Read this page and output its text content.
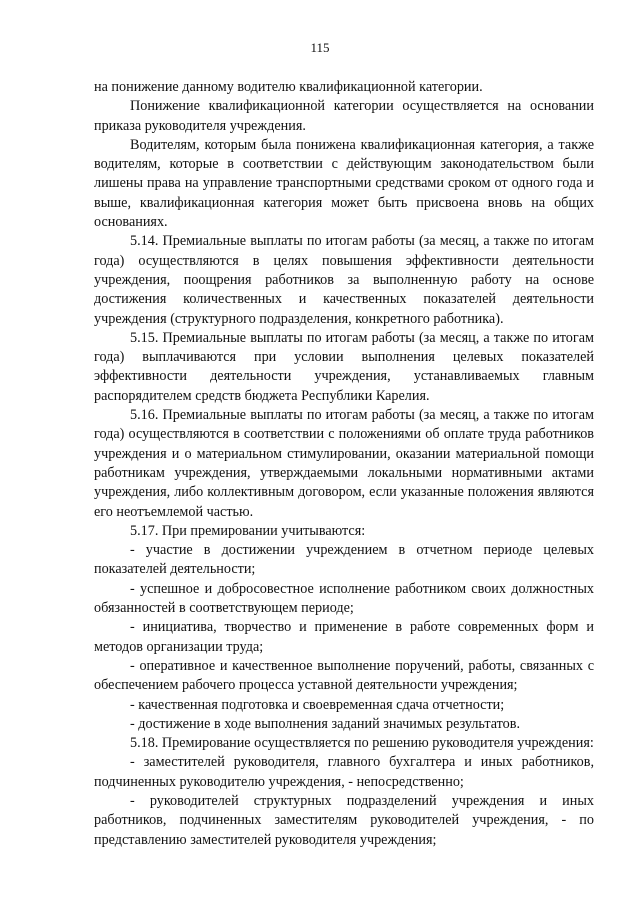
115

на понижение данному водителю квалификационной категории.

Понижение квалификационной категории осуществляется на основании приказа руководителя учреждения.

Водителям, которым была понижена квалификационная категория, а также водителям, которые в соответствии с действующим законодательством были лишены права на управление транспортными средствами сроком от одного года и выше, квалификационная категория может быть присвоена вновь на общих основаниях.

5.14. Премиальные выплаты по итогам работы (за месяц, а также по итогам года) осуществляются в целях повышения эффективности деятельности учреждения, поощрения работников за выполненную работу на основе достижения количественных и качественных показателей деятельности учреждения (структурного подразделения, конкретного работника).

5.15. Премиальные выплаты по итогам работы (за месяц, а также по итогам года) выплачиваются при условии выполнения целевых показателей эффективности деятельности учреждения, устанавливаемых главным распорядителем средств бюджета Республики Карелия.

5.16. Премиальные выплаты по итогам работы (за месяц, а также по итогам года) осуществляются в соответствии с положениями об оплате труда работников учреждения и о материальном стимулировании, оказании материальной помощи работникам учреждения, утверждаемыми локальными нормативными актами учреждения, либо коллективным договором, если указанные положения являются его неотъемлемой частью.

5.17. При премировании учитываются:

- участие в достижении учреждением в отчетном периоде целевых показателей деятельности;

- успешное и добросовестное исполнение работником своих должностных обязанностей в соответствующем периоде;

- инициатива, творчество и применение в работе современных форм и методов организации труда;

- оперативное и качественное выполнение поручений, работы, связанных с обеспечением рабочего процесса уставной деятельности учреждения;

- качественная подготовка и своевременная сдача отчетности;

- достижение в ходе выполнения заданий значимых результатов.

5.18. Премирование осуществляется по решению руководителя учреждения:

- заместителей руководителя, главного бухгалтера и иных работников, подчиненных руководителю учреждения, - непосредственно;

- руководителей структурных подразделений учреждения и иных работников, подчиненных заместителям руководителей учреждения, - по представлению заместителей руководителя учреждения;
